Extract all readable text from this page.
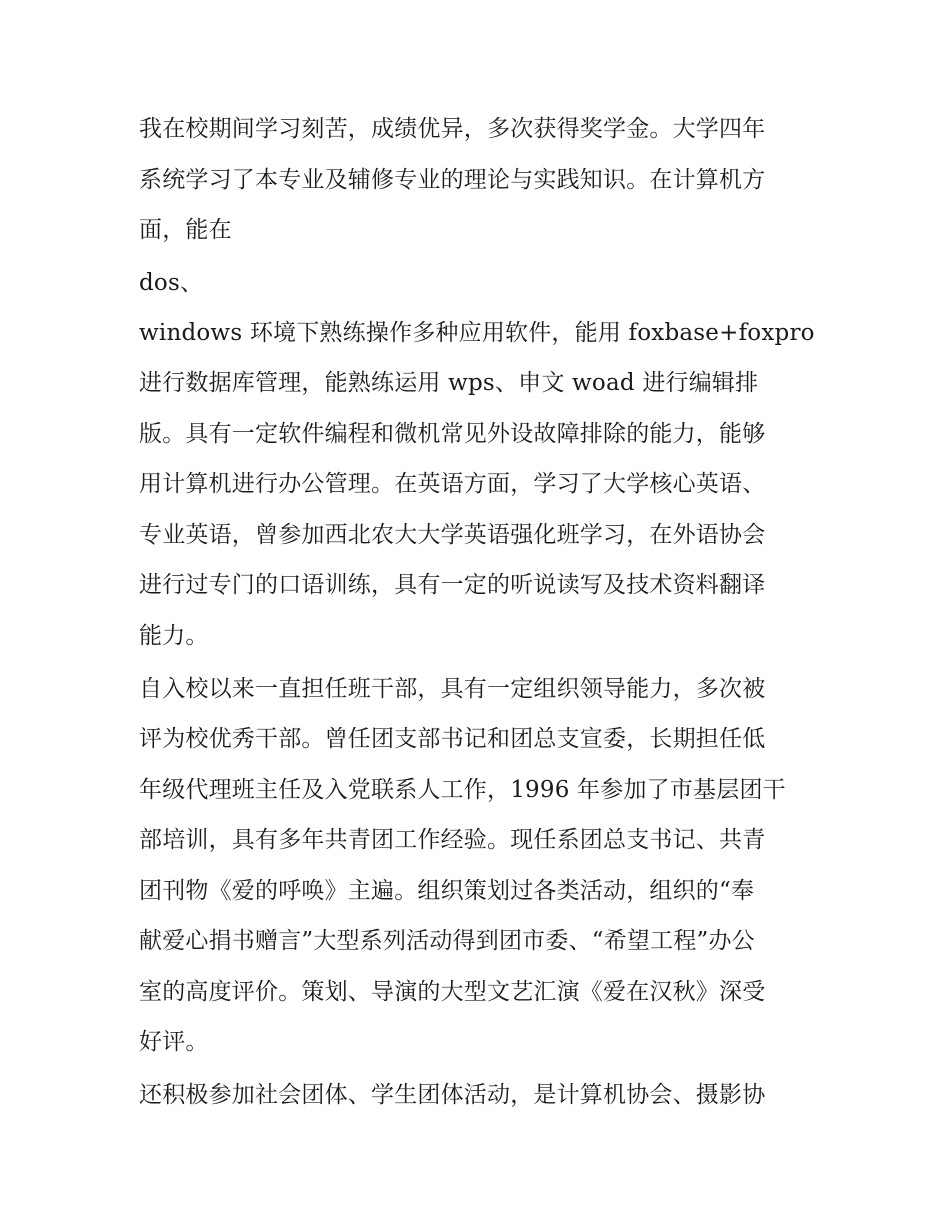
我在校期间学习刻苦，成绩优异，多次获得奖学金。大学四年

系统学习了本专业及辅修专业的理论与实践知识。在计算机方

面，能在

dos、

windows 环境下熟练操作多种应用软件，能用 foxbase+foxpro

进行数据库管理，能熟练运用 wps、申文 woad 进行编辑排

版。具有一定软件编程和微机常见外设故障排除的能力，能够

用计算机进行办公管理。在英语方面，学习了大学核心英语、

专业英语，曾参加西北农大大学英语强化班学习，在外语协会

进行过专门的口语训练，具有一定的听说读写及技术资料翻译

能力。

自入校以来一直担任班干部，具有一定组织领导能力，多次被

评为校优秀干部。曾任团支部书记和团总支宣委，长期担任低

年级代理班主任及入党联系人工作，1996 年参加了市基层团干

部培训，具有多年共青团工作经验。现任系团总支书记、共青

团刊物《爱的呼唤》主遍。组织策划过各类活动，组织的“奉

献爱心捐书赠言”大型系列活动得到团市委、“希望工程”办公

室的高度评价。策划、导演的大型文艺汇演《爱在汉秋》深受

好评。

还积极参加社会团体、学生团体活动，是计算机协会、摄影协
